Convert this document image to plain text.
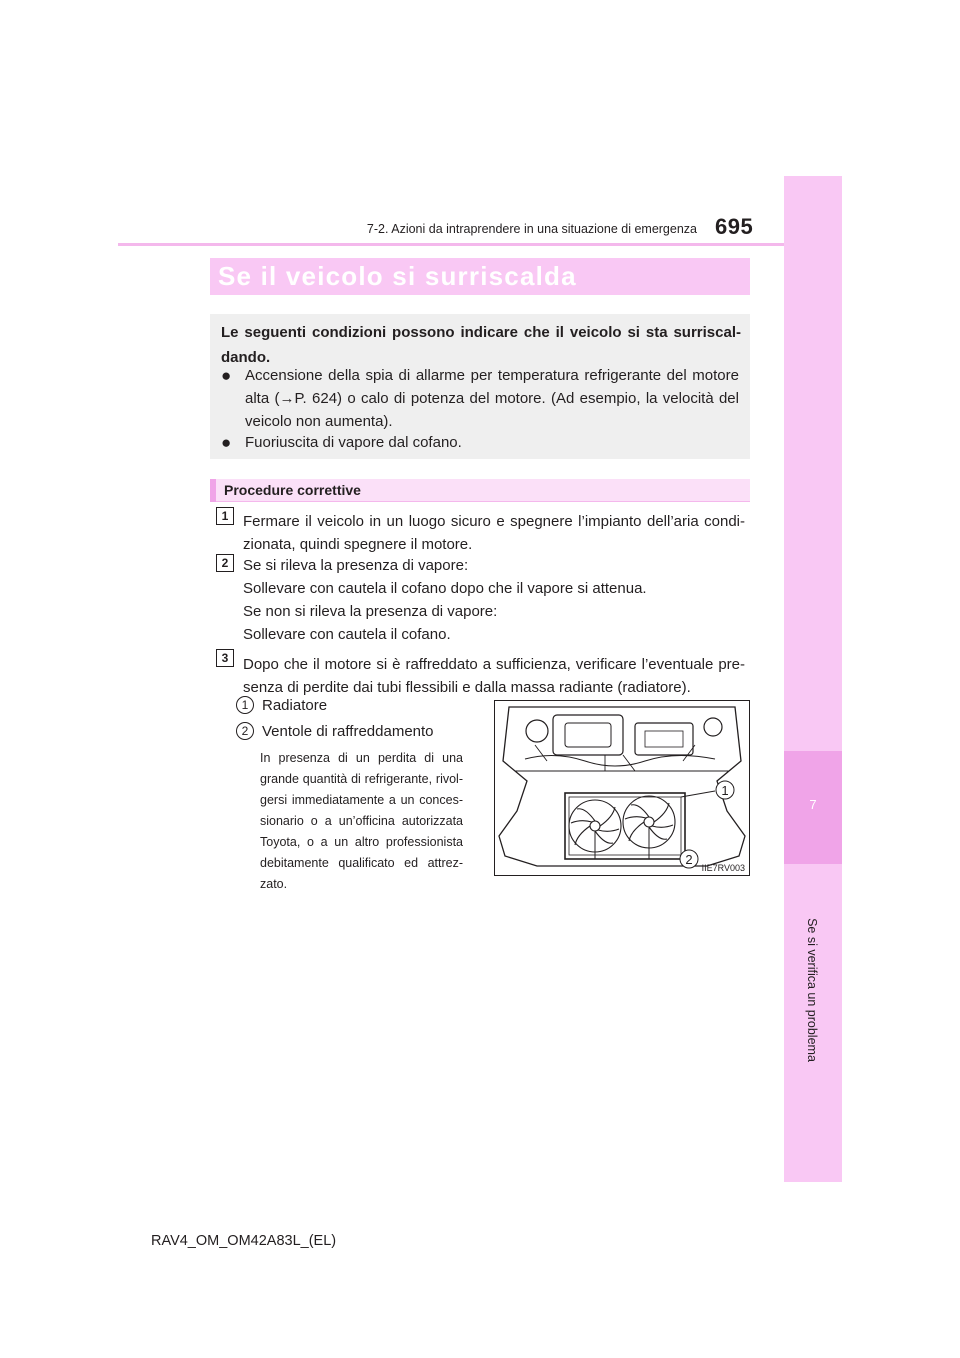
7
Se si verifica un problema
7-2. Azioni da intraprendere in una situazione di emergenza 695
Se il veicolo si surriscalda
Le seguenti condizioni possono indicare che il veicolo si sta surriscal-dando.
● Accensione della spia di allarme per temperatura refrigerante del motore
alta (→P. 624) o calo di potenza del motore. (Ad esempio, la velocità del
veicolo non aumenta).
● Fuoriuscita di vapore dal cofano.
Procedure correttive
1 Fermare il veicolo in un luogo sicuro e spegnere l’impianto dell’aria condi-
zionata, quindi spegnere il motore.
2 Se si rileva la presenza di vapore:
Sollevare con cautela il cofano dopo che il vapore si attenua.
Se non si rileva la presenza di vapore:
Sollevare con cautela il cofano.
3 Dopo che il motore si è raffreddato a sufficienza, verificare l’eventuale pre-
senza di perdite dai tubi flessibili e dalla massa radiante (radiatore).
1 Radiatore
2 Ventole di raffreddamento
In presenza di un perdita di una grande quantità di refrigerante, rivol-gersi immediatamente a un conces-sionario o a un’officina autorizzata Toyota, o a un altro professionista debitamente qualificato ed attrez-zato.
1
2
IIE7RV003
RAV4_OM_OM42A83L_(EL)
